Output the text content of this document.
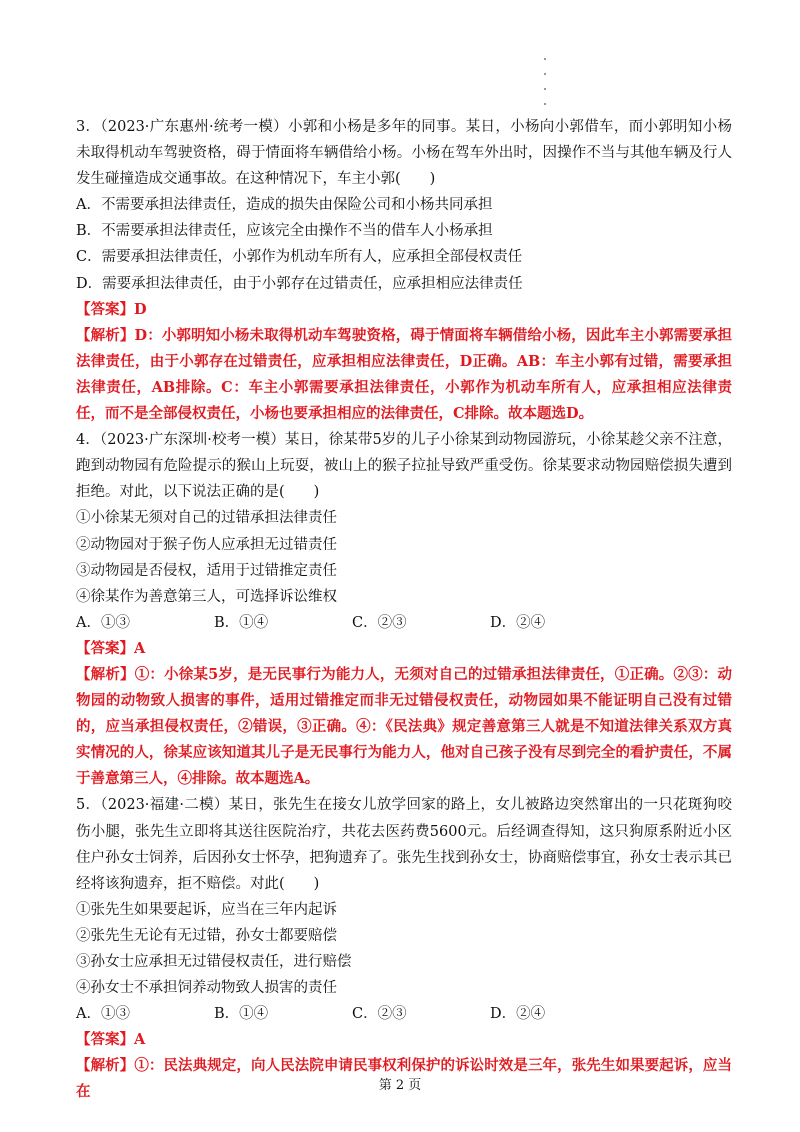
3．（2023·广东惠州·统考一模）小郭和小杨是多年的同事。某日，小杨向小郭借车，而小郭明知小杨未取得机动车驾驶资格，碍于情面将车辆借给小杨。小杨在驾车外出时，因操作不当与其他车辆及行人发生碰撞造成交通事故。在这种情况下，车主小郭(　　)

A．不需要承担法律责任，造成的损失由保险公司和小杨共同承担

B．不需要承担法律责任，应该完全由操作不当的借车人小杨承担

C．需要承担法律责任，小郭作为机动车所有人，应承担全部侵权责任

D．需要承担法律责任，由于小郭存在过错责任，应承担相应法律责任

【答案】D

【解析】D：小郭明知小杨未取得机动车驾驶资格，碍于情面将车辆借给小杨，因此车主小郭需要承担法律责任，由于小郭存在过错责任，应承担相应法律责任，D正确。AB：车主小郭有过错，需要承担法律责任，AB排除。C：车主小郭需要承担法律责任，小郭作为机动车所有人，应承担相应法律责任，而不是全部侵权责任，小杨也要承担相应的法律责任，C排除。故本题选D。

4．（2023·广东深圳·校考一模）某日，徐某带5岁的儿子小徐某到动物园游玩，小徐某趁父亲不注意，跑到动物园有危险提示的猴山上玩耍，被山上的猴子拉扯导致严重受伤。徐某要求动物园赔偿损失遭到拒绝。对此，以下说法正确的是(　　)

①小徐某无须对自己的过错承担法律责任

②动物园对于猴子伤人应承担无过错责任

③动物园是否侵权，适用于过错推定责任

④徐某作为善意第三人，可选择诉讼维权

A．①③	B．①④	C．②③	D．②④

【答案】A

【解析】①：小徐某5岁，是无民事行为能力人，无须对自己的过错承担法律责任，①正确。②③：动物园的动物致人损害的事件，适用过错推定而非无过错侵权责任，动物园如果不能证明自己没有过错的，应当承担侵权责任，②错误，③正确。④：《民法典》规定善意第三人就是不知道法律关系双方真实情况的人，徐某应该知道其儿子是无民事行为能力人，他对自己孩子没有尽到完全的看护责任，不属于善意第三人，④排除。故本题选A。

5．（2023·福建·二模）某日，张先生在接女儿放学回家的路上，女儿被路边突然窜出的一只花斑狗咬伤小腿，张先生立即将其送往医院治疗，共花去医药费5600元。后经调查得知，这只狗原系附近小区住户孙女士饲养，后因孙女士怀孕，把狗遗弃了。张先生找到孙女士，协商赔偿事宜，孙女士表示其已经将该狗遗弃，拒不赔偿。对此(　　)

①张先生如果要起诉，应当在三年内起诉

②张先生无论有无过错，孙女士都要赔偿

③孙女士应承担无过错侵权责任，进行赔偿

④孙女士不承担饲养动物致人损害的责任

A．①③	B．①④	C．②③	D．②④

【答案】A

【解析】①：民法典规定，向人民法院申请民事权利保护的诉讼时效是三年，张先生如果要起诉，应当在	第 2 页
